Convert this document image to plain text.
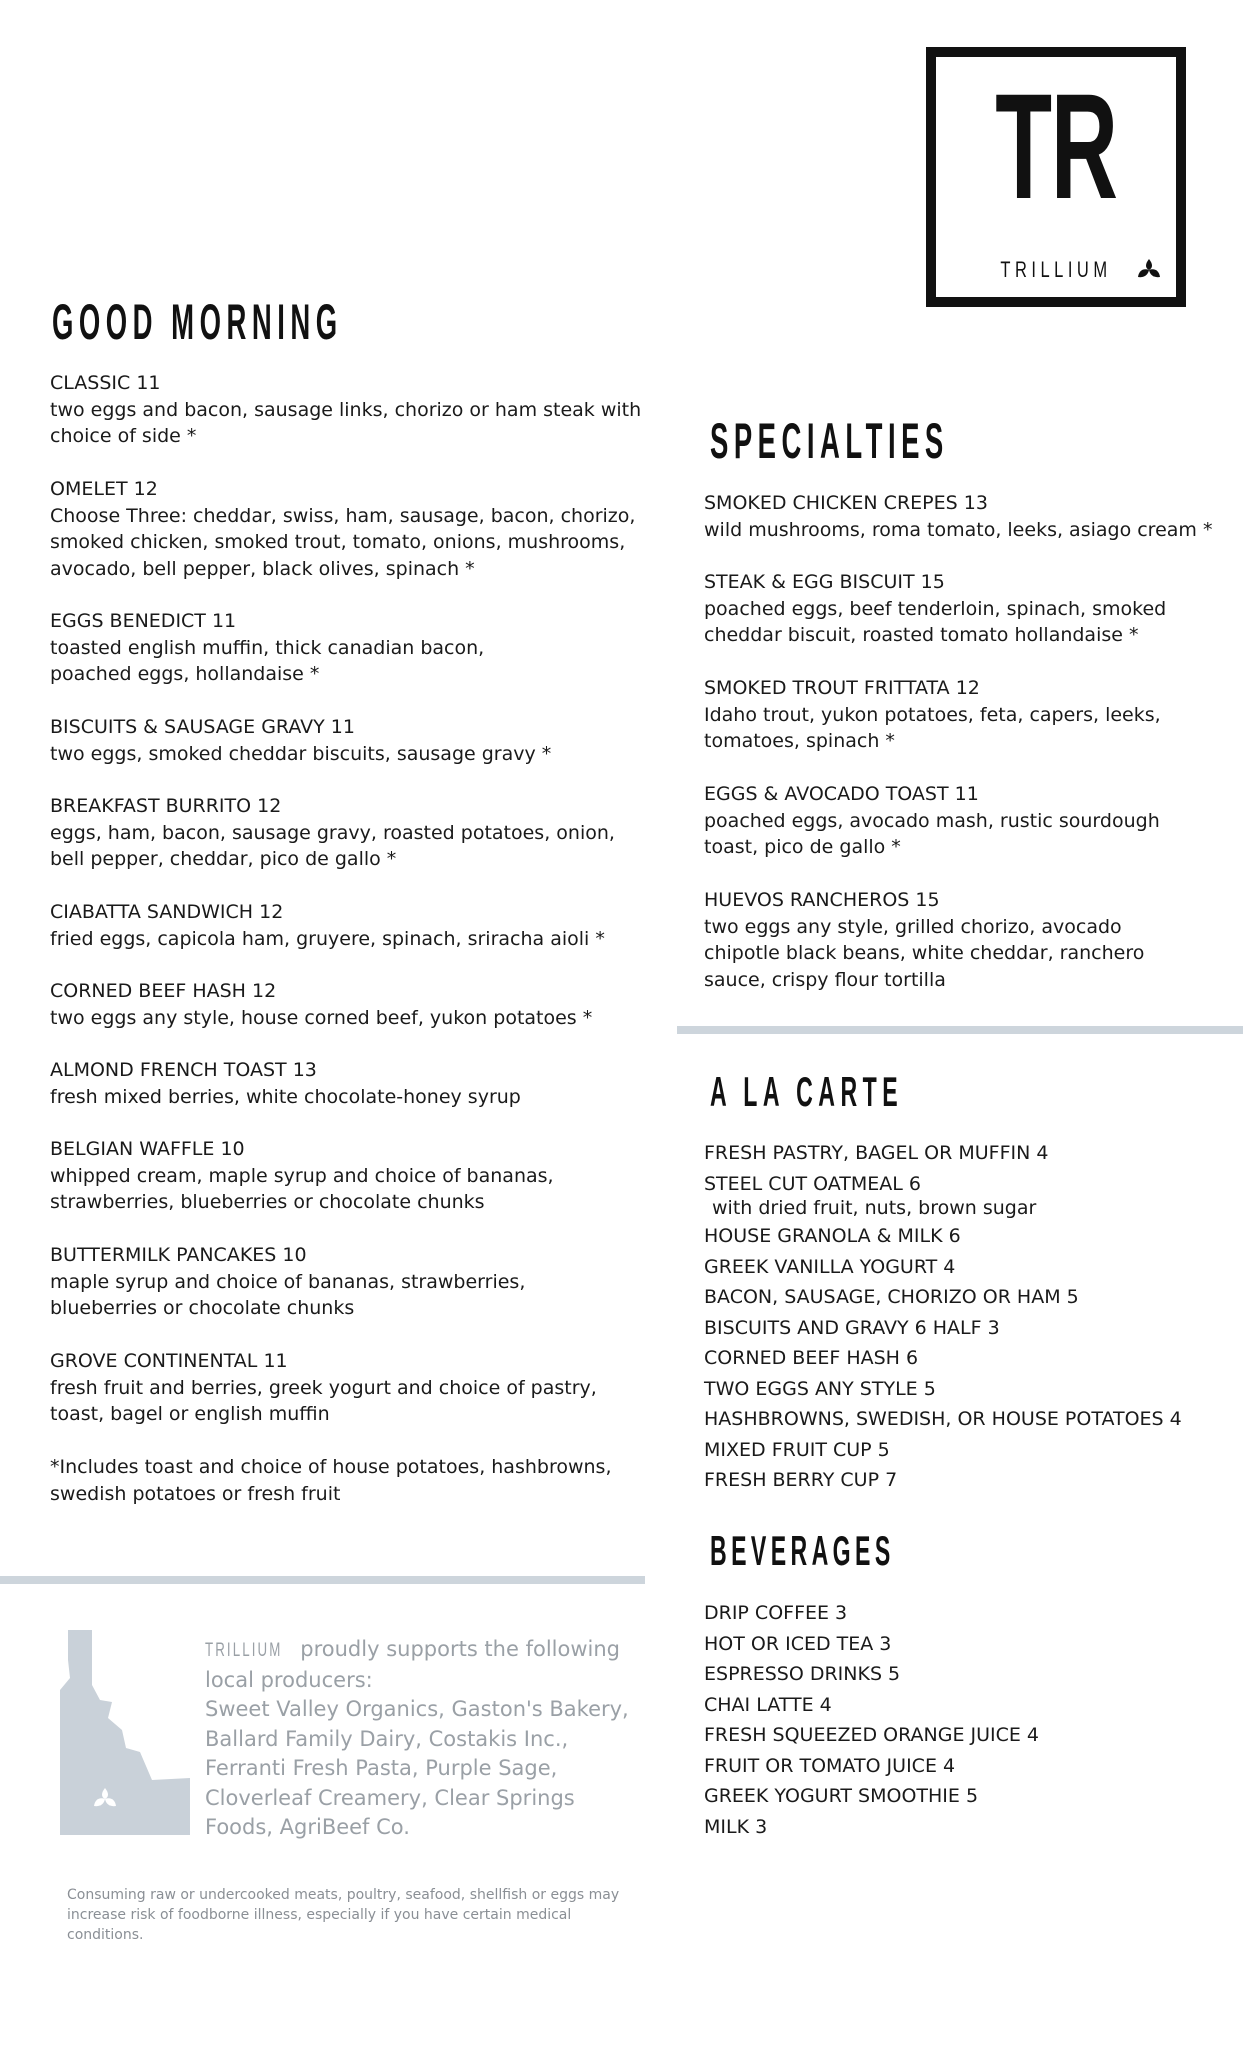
TR
TRILLIUM
GOOD MORNING
SPECIALTIES
A LA CARTE
BEVERAGES
CLASSIC 11
two eggs and bacon, sausage links, chorizo or ham steak with choice of side *
OMELET 12
Choose Three: cheddar, swiss, ham, sausage, bacon, chorizo, smoked chicken, smoked trout, tomato, onions, mushrooms, avocado, bell pepper, black olives, spinach *
EGGS BENEDICT 11
toasted english muffin, thick canadian bacon, poached eggs, hollandaise *
BISCUITS & SAUSAGE GRAVY 11
two eggs, smoked cheddar biscuits, sausage gravy *
BREAKFAST BURRITO 12
eggs, ham, bacon, sausage gravy, roasted potatoes, onion, bell pepper, cheddar, pico de gallo *
CIABATTA SANDWICH 12
fried eggs, capicola ham, gruyere, spinach, sriracha aioli *
CORNED BEEF HASH 12
two eggs any style, house corned beef, yukon potatoes *
ALMOND FRENCH TOAST 13
fresh mixed berries, white chocolate-honey syrup
BELGIAN WAFFLE 10
whipped cream, maple syrup and choice of bananas, strawberries, blueberries or chocolate chunks
BUTTERMILK PANCAKES 10
maple syrup and choice of bananas, strawberries, blueberries or chocolate chunks
GROVE CONTINENTAL 11
fresh fruit and berries, greek yogurt and choice of pastry, toast, bagel or english muffin
*Includes toast and choice of house potatoes, hashbrowns, swedish potatoes or fresh fruit
SMOKED CHICKEN CREPES 13
wild mushrooms, roma tomato, leeks, asiago cream *
STEAK & EGG BISCUIT 15
poached eggs, beef tenderloin, spinach, smoked cheddar biscuit, roasted tomato hollandaise *
SMOKED TROUT FRITTATA 12
Idaho trout, yukon potatoes, feta, capers, leeks, tomatoes, spinach *
EGGS & AVOCADO TOAST 11
poached eggs, avocado mash, rustic sourdough toast, pico de gallo *
HUEVOS RANCHEROS 15
two eggs any style, grilled chorizo, avocado chipotle black beans, white cheddar, ranchero sauce, crispy flour tortilla
FRESH PASTRY, BAGEL OR MUFFIN 4
STEEL CUT OATMEAL 6
with dried fruit, nuts, brown sugar
HOUSE GRANOLA & MILK 6
GREEK VANILLA YOGURT 4
BACON, SAUSAGE, CHORIZO OR HAM 5
BISCUITS AND GRAVY 6 HALF 3
CORNED BEEF HASH 6
TWO EGGS ANY STYLE 5
HASHBROWNS, SWEDISH, OR HOUSE POTATOES 4
MIXED FRUIT CUP 5
FRESH BERRY CUP 7
DRIP COFFEE 3
HOT OR ICED TEA 3
ESPRESSO DRINKS 5
CHAI LATTE 4
FRESH SQUEEZED ORANGE JUICE 4
FRUIT OR TOMATO JUICE 4
GREEK YOGURT SMOOTHIE 5
MILK 3
TRILLIUM proudly supports the following local producers:
Sweet Valley Organics, Gaston's Bakery, Ballard Family Dairy, Costakis Inc., Ferranti Fresh Pasta, Purple Sage, Cloverleaf Creamery, Clear Springs Foods, AgriBeef Co.
Consuming raw or undercooked meats, poultry, seafood, shellfish or eggs may increase risk of foodborne illness, especially if you have certain medical conditions.
